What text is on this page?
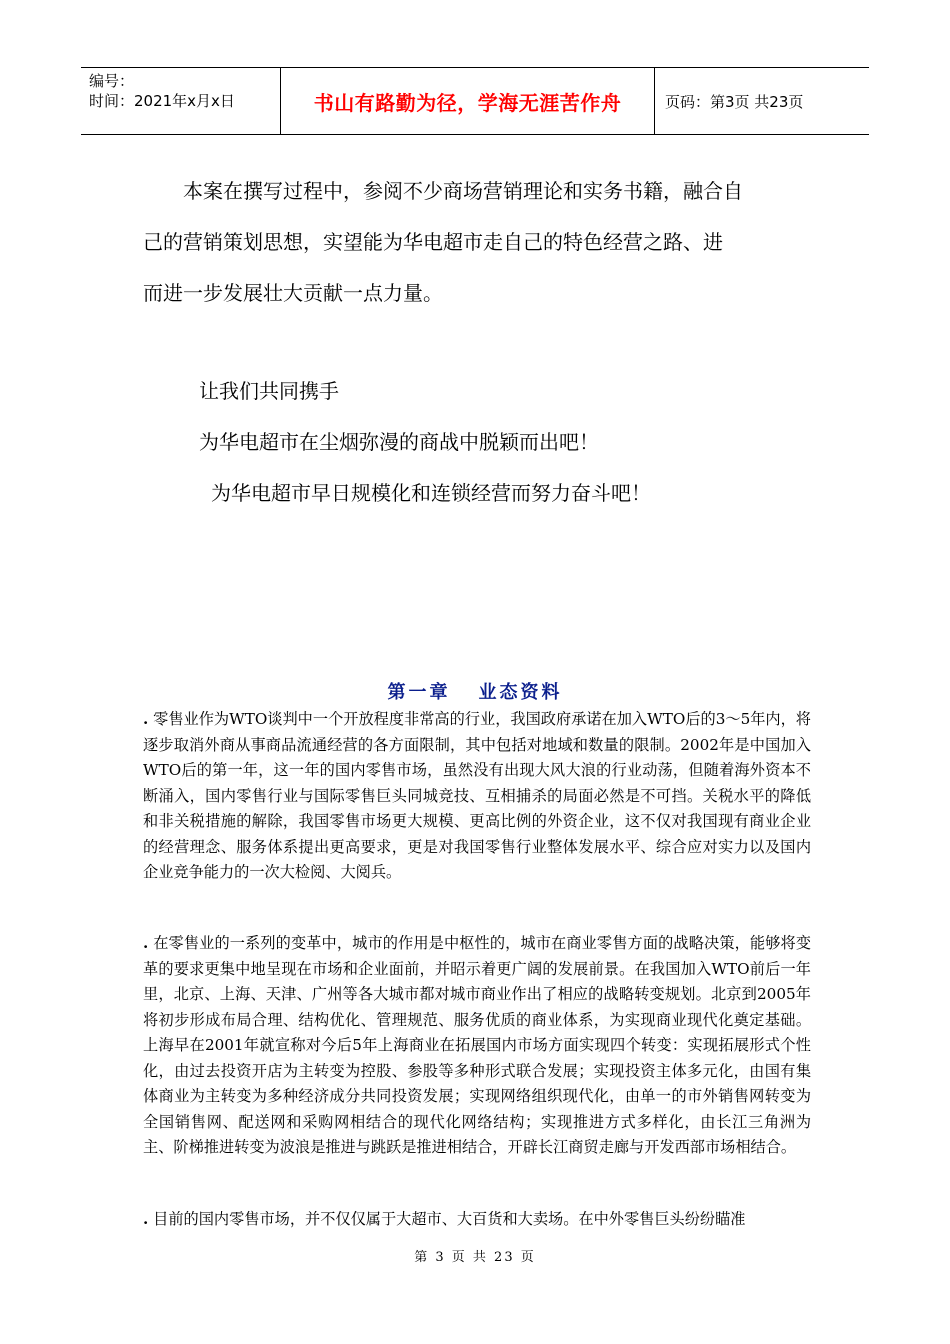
编号：
时间：2021年x月x日	书山有路勤为径，学海无涯苦作舟	页码：第3页 共23页

本案在撰写过程中，参阅不少商场营销理论和实务书籍，融合自

己的营销策划思想，实望能为华电超市走自己的特色经营之路、进

而进一步发展壮大贡献一点力量。

让我们共同携手

为华电超市在尘烟弥漫的商战中脱颖而出吧！

为华电超市早日规模化和连锁经营而努力奋斗吧！

第一章 业态资料

. 零售业作为WTO谈判中一个开放程度非常高的行业，我国政府承诺在加入WTO后的3～5年内，将逐步取消外商从事商品流通经营的各方面限制，其中包括对地域和数量的限制。2002年是中国加入WTO后的第一年，这一年的国内零售市场，虽然没有出现大风大浪的行业动荡，但随着海外资本不断涌入，国内零售行业与国际零售巨头同城竞技、互相捕杀的局面必然是不可挡。关税水平的降低和非关税措施的解除，我国零售市场更大规模、更高比例的外资企业，这不仅对我国现有商业企业的经营理念、服务体系提出更高要求，更是对我国零售行业整体发展水平、综合应对实力以及国内企业竞争能力的一次大检阅、大阅兵。

. 在零售业的一系列的变革中，城市的作用是中枢性的，城市在商业零售方面的战略决策，能够将变革的要求更集中地呈现在市场和企业面前，并昭示着更广阔的发展前景。在我国加入WTO前后一年里，北京、上海、天津、广州等各大城市都对城市商业作出了相应的战略转变规划。北京到2005年将初步形成布局合理、结构优化、管理规范、服务优质的商业体系，为实现商业现代化奠定基础。上海早在2001年就宣称对今后5年上海商业在拓展国内市场方面实现四个转变：实现拓展形式个性化，由过去投资开店为主转变为控股、参股等多种形式联合发展；实现投资主体多元化，由国有集体商业为主转变为多种经济成分共同投资发展；实现网络组织现代化，由单一的市外销售网转变为全国销售网、配送网和采购网相结合的现代化网络结构；实现推进方式多样化，由长江三角洲为主、阶梯推进转变为波浪是推进与跳跃是推进相结合，开辟长江商贸走廊与开发西部市场相结合。

. 目前的国内零售市场，并不仅仅属于大超市、大百货和大卖场。在中外零售巨头纷纷瞄准

第 3 页 共 23 页
